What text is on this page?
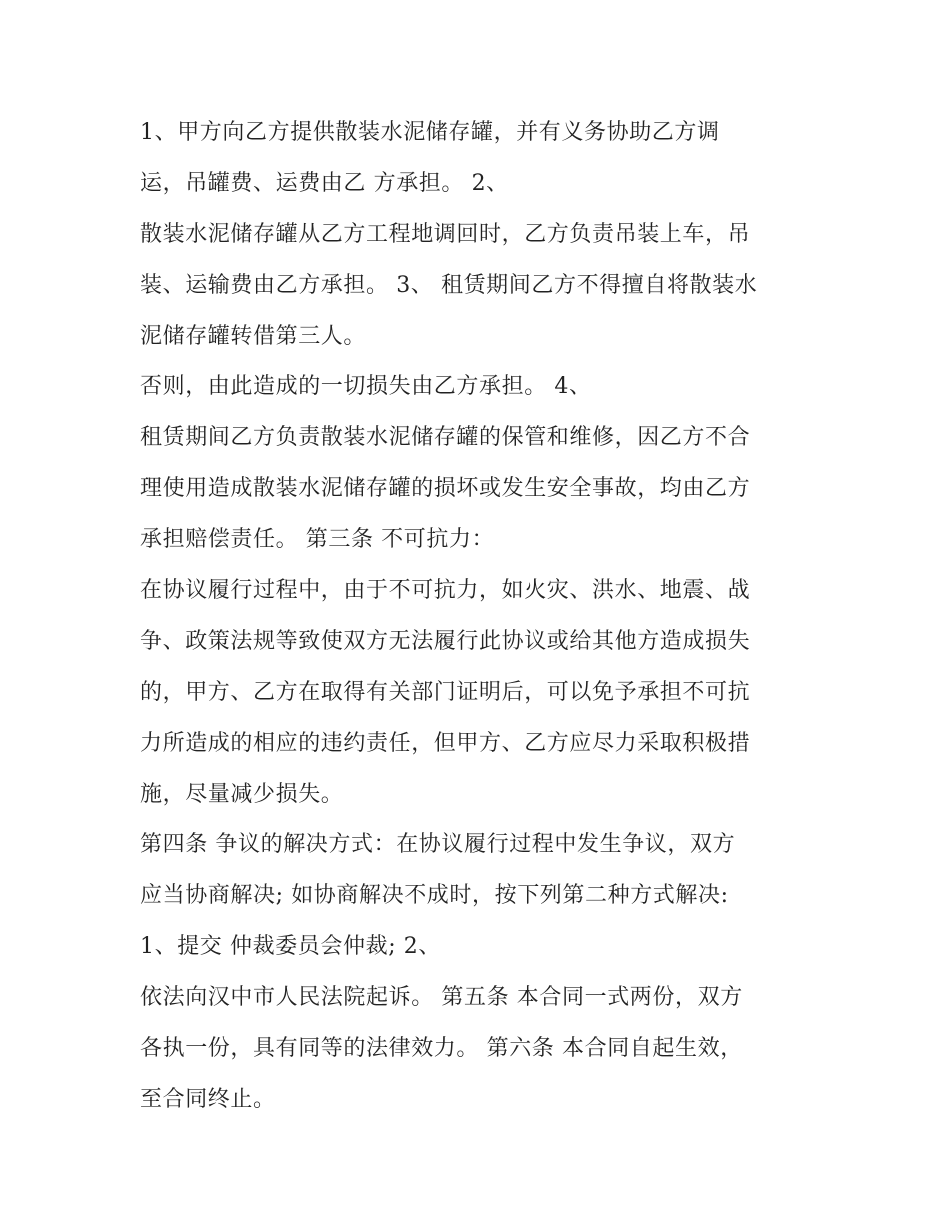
1、甲方向乙方提供散装水泥储存罐，并有义务协助乙方调
运，吊罐费、运费由乙 方承担。 2、
散装水泥储存罐从乙方工程地调回时，乙方负责吊装上车，吊
装、运输费由乙方承担。 3、 租赁期间乙方不得擅自将散装水
泥储存罐转借第三人。
否则，由此造成的一切损失由乙方承担。 4、
租赁期间乙方负责散装水泥储存罐的保管和维修，因乙方不合
理使用造成散装水泥储存罐的损坏或发生安全事故，均由乙方
承担赔偿责任。 第三条 不可抗力：
在协议履行过程中，由于不可抗力，如火灾、洪水、地震、战
争、政策法规等致使双方无法履行此协议或给其他方造成损失
的，甲方、乙方在取得有关部门证明后，可以免予承担不可抗
力所造成的相应的违约责任，但甲方、乙方应尽力采取积极措
施，尽量减少损失。
第四条 争议的解决方式：在协议履行过程中发生争议，双方
应当协商解决; 如协商解决不成时，按下列第二种方式解决:
1、提交 仲裁委员会仲裁; 2、
依法向汉中市人民法院起诉。 第五条 本合同一式两份，双方
各执一份，具有同等的法律效力。 第六条 本合同自起生效，
至合同终止。
